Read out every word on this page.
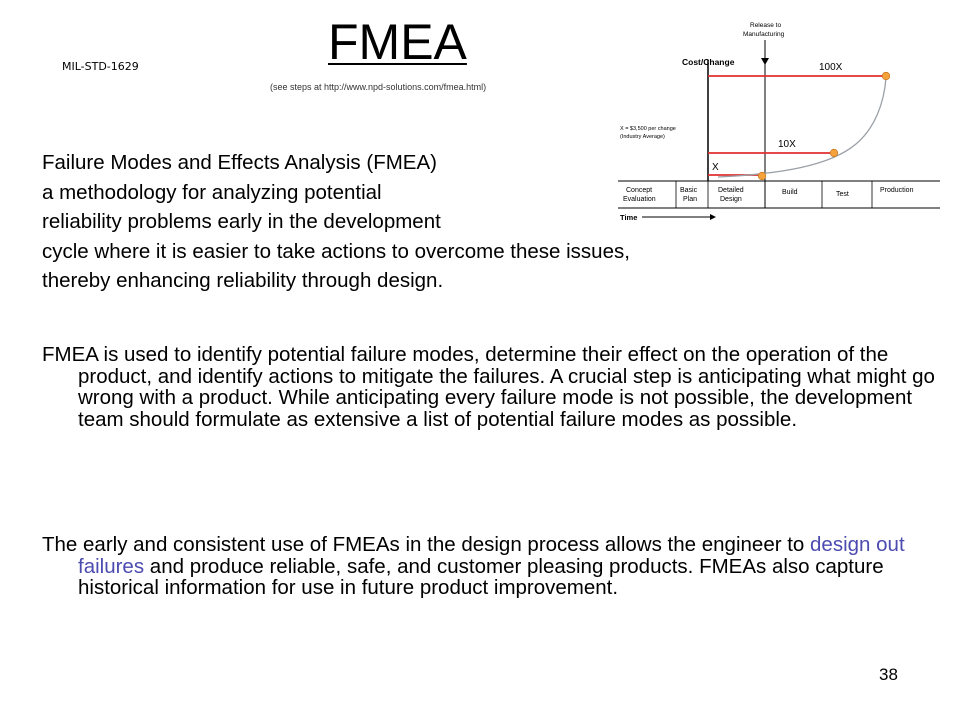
MIL-STD-1629	FMEA
(see steps at http://www.npd-solutions.com/fmea.html)
Release to
Manufacturing
Cost/Change	100X
10X
X
X = $3,500 per change
(Industry Average)
Concept
Evaluation
Basic
Plan
Detailed
Design
Build	Test
Production
Time
Failure Modes and Effects Analysis (FMEA)
a methodology for analyzing potential
reliability problems early in the development
cycle where it is easier to take actions to overcome these issues,
thereby enhancing reliability through design.
FMEA is used to identify potential failure modes, determine their effect on the operation of the product, and identify actions to mitigate the failures. A crucial step is anticipating what might go wrong with a product. While anticipating every failure mode is not possible, the development team should formulate as extensive a list of potential failure modes as possible.
The early and consistent use of FMEAs in the design process allows the engineer to design out failures and produce reliable, safe, and customer pleasing products. FMEAs also capture historical information for use in future product improvement.
38
